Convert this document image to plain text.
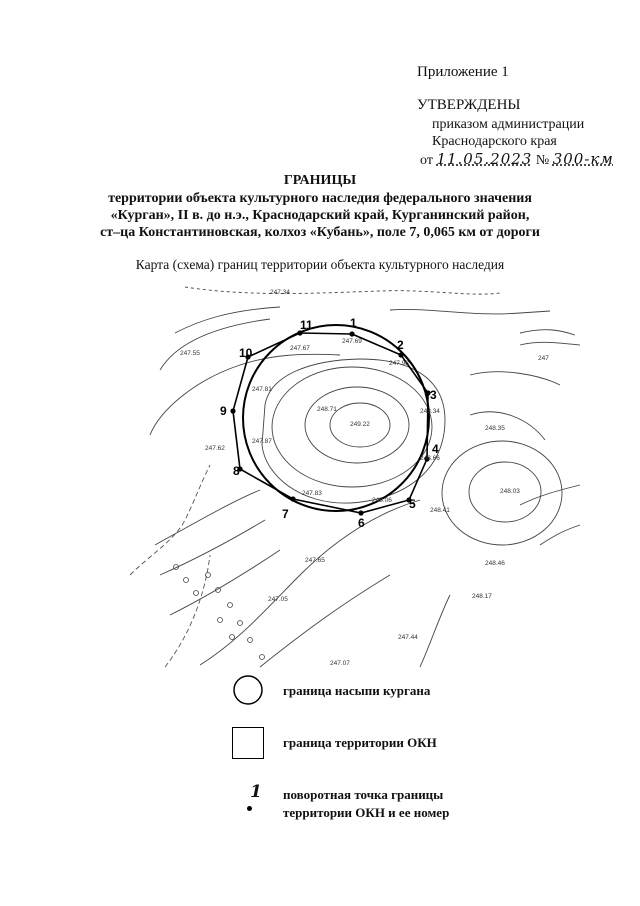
Приложение 1
УТВЕРЖДЕНЫ
приказом администрации
Краснодарского края
от 11.05.2023 № 300-км
ГРАНИЦЫ
территории объекта культурного наследия федерального значения
«Курган», II в. до н.э., Краснодарский край, Курганинский район,
ст–ца Константиновская, колхоз «Кубань», поле 7, 0,065 км от дороги
Карта (схема) границ территории объекта культурного наследия
1
2
3
4
5
6
7
8
9
10
11
247.34
247.55
247.67
247.69
247.98
247
247.81
247.87
247.62
248.71
249.22
248.34
248.35
248.66
248.03
248.41
248.06
247.83
247.65	248.46
247.05	248.17
247.44
247.07
граница насыпи кургана
граница территории ОКН
1 поворотная точка границы
территории ОКН и ее номер
